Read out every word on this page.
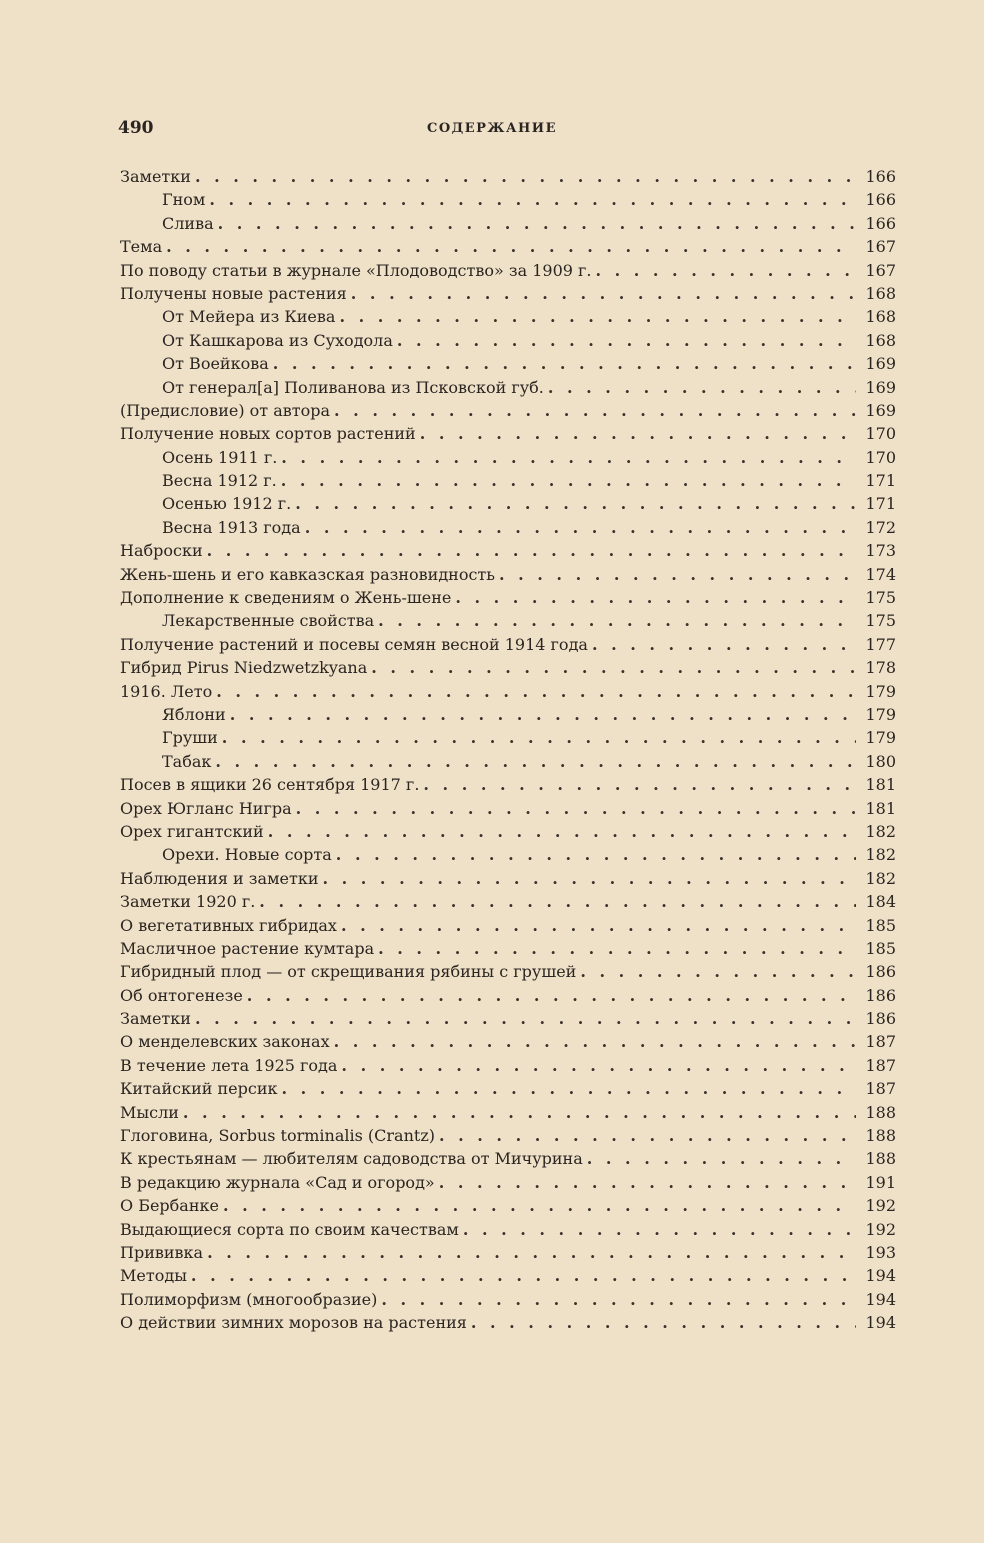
490	СОДЕРЖАНИЕ
Заметки . . .	166
Гном . . .	166
Слива . . .	166
Тема . . .	167
По поводу статьи в журнале «Плодоводство» за 1909 г. . . .	167
Получены новые растения . . .	168
От Мейера из Киева . . .	168
От Кашкарова из Суходола . . .	168
От Воейкова . . .	169
От генерал[а] Поливанова из Псковской губ. . . .	169
(Предисловие) от автора . . .	169
Получение новых сортов растений . . .	170
Осень 1911 г. . . .	170
Весна 1912 г. . . .	171
Осенью 1912 г. . . .	171
Весна 1913 года . . .	172
Наброски . . .	173
Жень-шень и его кавказская разновидность . . .	174
Дополнение к сведениям о Жень-шене . . .	175
Лекарственные свойства . . .	175
Получение растений и посевы семян весной 1914 года . . .	177
Гибрид Pirus Niedzwetzkyana . . .	178
1916. Лето . . .	179
Яблони . . .	179
Груши . . .	179
Табак . . .	180
Посев в ящики 26 сентября 1917 г. . . .	181
Орех Югланс Нигра . . .	181
Орех гигантский . . .	182
Орехи. Новые сорта . . .	182
Наблюдения и заметки . . .	182
Заметки 1920 г. . . .	184
О вегетативных гибридах . . .	185
Масличное растение кумтара . . .	185
Гибридный плод — от скрещивания рябины с грушей . . .	186
Об онтогенезе . . .	186
Заметки . . .	186
О менделевских законах . . .	187
В течение лета 1925 года . . .	187
Китайский персик . . .	187
Мысли . . .	188
Глоговина, Sorbus torminalis (Crantz) . . .	188
К крестьянам — любителям садоводства от Мичурина . . .	188
В редакцию журнала «Сад и огород» . . .	191
О Бербанке . . .	192
Выдающиеся сорта по своим качествам . . .	192
Прививка . . .	193
Методы . . .	194
Полиморфизм (многообразие) . . .	194
О действии зимних морозов на растения . . .	194
